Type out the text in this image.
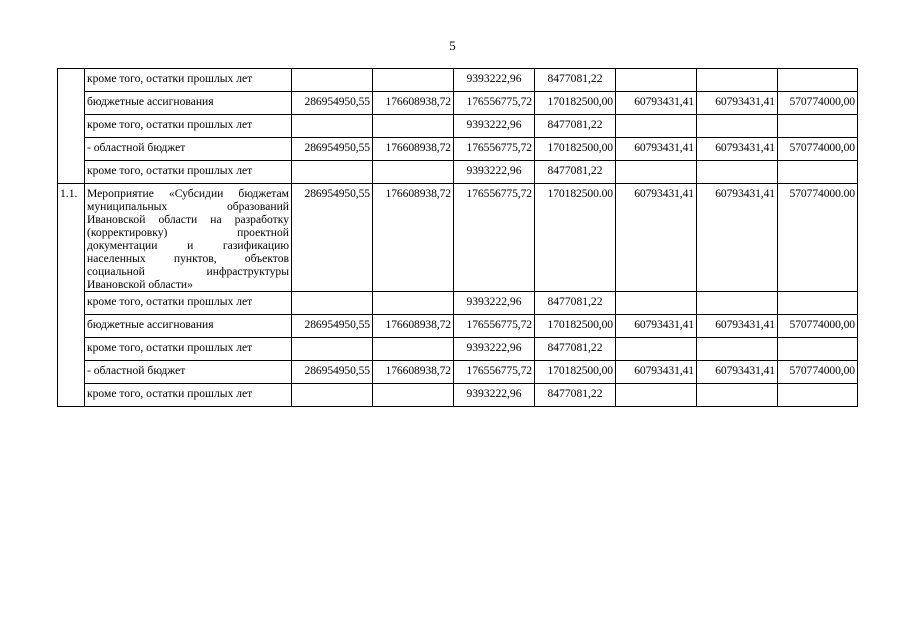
5
	кроме того, остатки прошлых лет			9393222,96	8477081,22			
	бюджетные ассигнования	286954950,55	176608938,72	176556775,72	170182500,00	60793431,41	60793431,41	570774000,00
	кроме того, остатки прошлых лет			9393222,96	8477081,22			
	- областной бюджет	286954950,55	176608938,72	176556775,72	170182500,00	60793431,41	60793431,41	570774000,00
	кроме того, остатки прошлых лет			9393222,96	8477081,22			
1.1.	Мероприятие «Субсидии бюджетам муниципальных образований Ивановской области на разработку (корректировку) проектной документации и газификацию населенных пунктов, объектов социальной инфраструктуры Ивановской области»	286954950,55	176608938,72	176556775,72	170182500.00	60793431,41	60793431,41	570774000.00
	кроме того, остатки прошлых лет			9393222,96	8477081,22			
	бюджетные ассигнования	286954950,55	176608938,72	176556775,72	170182500,00	60793431,41	60793431,41	570774000,00
	кроме того, остатки прошлых лет			9393222,96	8477081,22			
	- областной бюджет	286954950,55	176608938,72	176556775,72	170182500,00	60793431,41	60793431,41	570774000,00
	кроме того, остатки прошлых лет			9393222,96	8477081,22			
